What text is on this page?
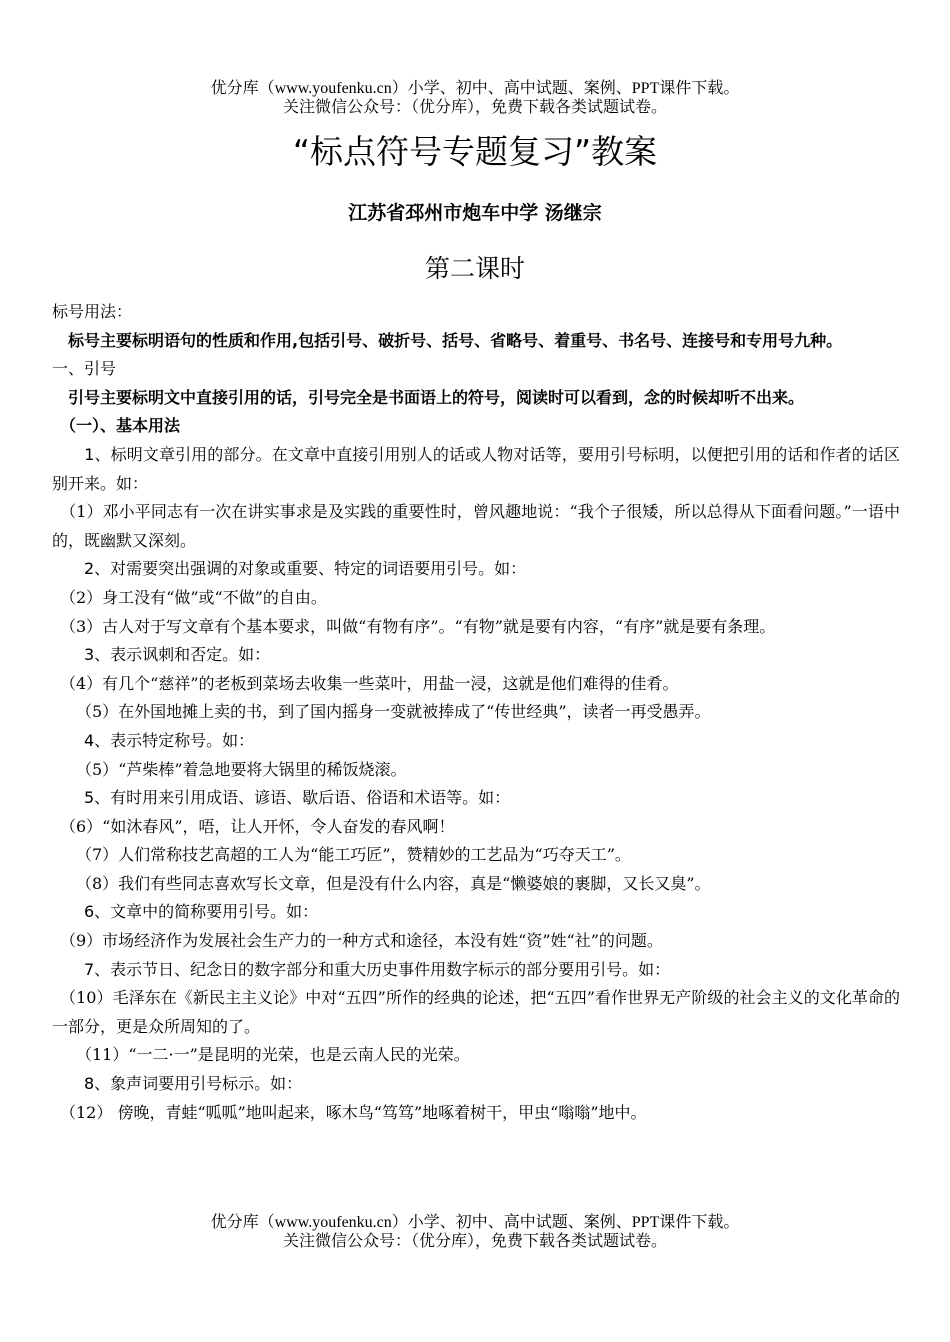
优分库（www.youfenku.cn）小学、初中、高中试题、案例、PPT课件下载。
关注微信公众号：（优分库），免费下载各类试题试卷。
“标点符号专题复习”教案
江苏省邳州市炮车中学 汤继宗
第二课时

标号用法：

　标号主要标明语句的性质和作用,包括引号、破折号、括号、省略号、着重号、书名号、连接号和专用号九种。

一、引号

　引号主要标明文中直接引用的话，引号完全是书面语上的符号，阅读时可以看到，念的时候却听不出来。

　（一）、基本用法

　　1、标明文章引用的部分。在文章中直接引用别人的话或人物对话等，要用引号标明，以便把引用的话和作者的话区别开来。如：

　（1）邓小平同志有一次在讲实事求是及实践的重要性时，曾风趣地说：“我个子很矮，所以总得从下面看问题。”一语中的，既幽默又深刻。

　　2、对需要突出强调的对象或重要、特定的词语要用引号。如：

　（2）身工没有“做”或“不做”的自由。

　（3）古人对于写文章有个基本要求，叫做“有物有序”。“有物”就是要有内容，“有序”就是要有条理。

　　3、表示讽刺和否定。如：

　（4）有几个“慈祥”的老板到菜场去收集一些菜叶，用盐一浸，这就是他们难得的佳肴。

　　（5）在外国地摊上卖的书，到了国内摇身一变就被捧成了“传世经典”，读者一再受愚弄。

　　4、表示特定称号。如：

　　（5）“芦柴棒”着急地要将大锅里的稀饭烧滚。

　　5、有时用来引用成语、谚语、歇后语、俗语和术语等。如：

　（6）“如沐春风”，唔，让人开怀，令人奋发的春风啊！

　　（7）人们常称技艺高超的工人为“能工巧匠”，赞精妙的工艺品为“巧夺天工”。

　　（8）我们有些同志喜欢写长文章，但是没有什么内容，真是“懒婆娘的裹脚，又长又臭”。

　　6、文章中的简称要用引号。如：

　（9）市场经济作为发展社会生产力的一种方式和途径，本没有姓“资”姓“社”的问题。

　　7、表示节日、纪念日的数字部分和重大历史事件用数字标示的部分要用引号。如：

　（10）毛泽东在《新民主主义论》中对“五四”所作的经典的论述，把“五四”看作世界无产阶级的社会主义的文化革命的一部分，更是众所周知的了。

　　（11）“一二·一”是昆明的光荣，也是云南人民的光荣。

　　8、象声词要用引号标示。如：

　（12） 傍晚，青蛙“呱呱”地叫起来，啄木鸟“笃笃”地啄着树干，甲虫“嗡嗡”地中。

优分库（www.youfenku.cn）小学、初中、高中试题、案例、PPT课件下载。
关注微信公众号：（优分库），免费下载各类试题试卷。
